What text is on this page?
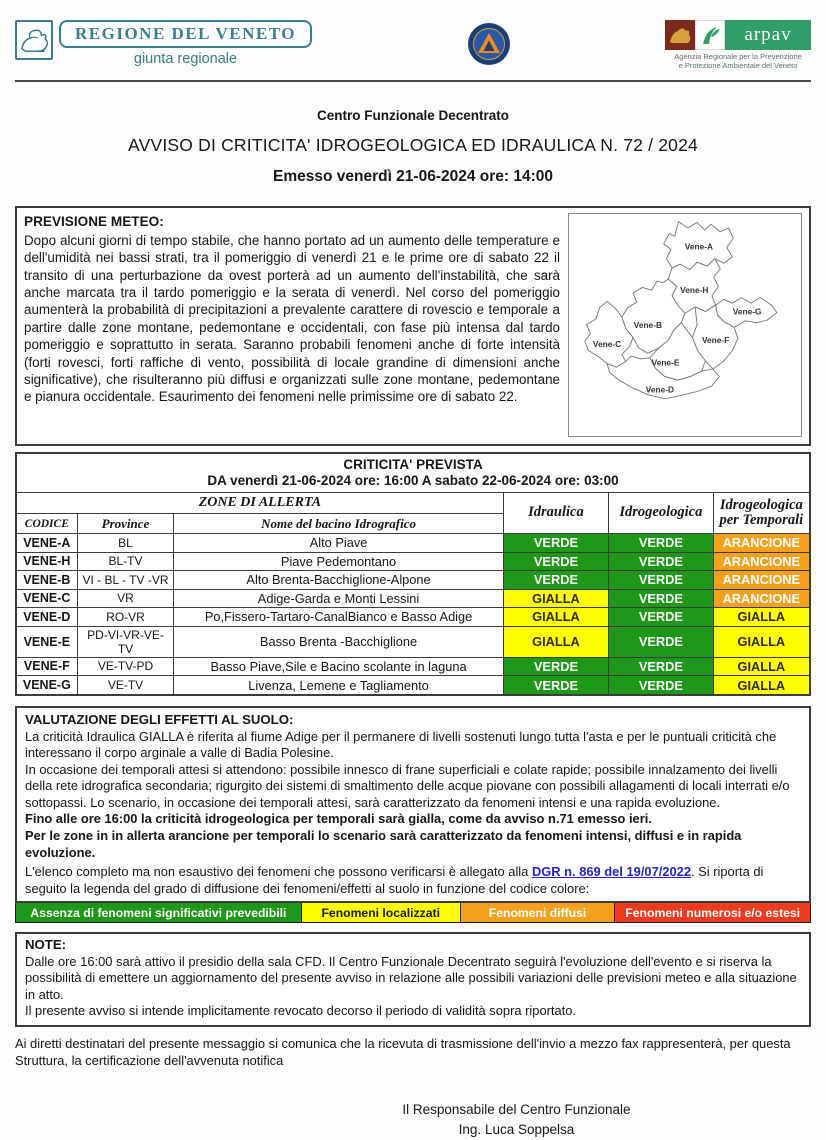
REGIONE DEL VENETO
giunta regionale
arpav
Agenzia Regionale per la Prevenzione
e Protezione Ambientale del Veneto
Centro Funzionale Decentrato
AVVISO DI CRITICITA' IDROGEOLOGICA ED IDRAULICA N. 72 / 2024
Emesso venerdì 21-06-2024 ore: 14:00
PREVISIONE METEO:
Dopo alcuni giorni di tempo stabile, che hanno portato ad un aumento delle temperature e dell'umidità nei bassi strati, tra il pomeriggio di venerdì 21 e le prime ore di sabato 22 il transito di una perturbazione da ovest porterà ad un aumento dell'instabilità, che sarà anche marcata tra il tardo pomeriggio e la serata di venerdì. Nel corso del pomeriggio aumenterà la probabilità di precipitazioni a prevalente carattere di rovescio e temporale a partire dalle zone montane, pedemontane e occidentali, con fase più intensa dal tardo pomeriggio e soprattutto in serata. Saranno probabili fenomeni anche di forte intensità (forti rovesci, forti raffiche di vento, possibilità di locale grandine di dimensioni anche significative), che risulteranno più diffusi e organizzati sulle zone montane, pedemontane e pianura occidentale. Esaurimento dei fenomeni nelle primissime ore di sabato 22.
Vene-A
Vene-H
Vene-G
Vene-B
Vene-C	Vene-F
Vene-E
Vene-D
CRITICITA' PREVISTA
DA venerdì 21-06-2024 ore: 16:00 A sabato 22-06-2024 ore: 03:00
ZONE DI ALLERTA			Idraulica	Idrogeologica	Idrogeologica per Temporali
CODICE	Province	Nome del bacino Idrografico			
VENE-A	BL	Alto Piave	VERDE	VERDE	ARANCIONE
VENE-H	BL-TV	Piave Pedemontano	VERDE	VERDE	ARANCIONE
VENE-B	VI - BL - TV -VR	Alto Brenta-Bacchiglione-Alpone	VERDE	VERDE	ARANCIONE
VENE-C	VR	Adige-Garda e Monti Lessini	GIALLA	VERDE	ARANCIONE
VENE-D	RO-VR	Po,Fissero-Tartaro-CanalBianco e Basso Adige	GIALLA	VERDE	GIALLA
VENE-E	PD-VI-VR-VE-TV	Basso Brenta -Bacchiglione	GIALLA	VERDE	GIALLA
VENE-F	VE-TV-PD	Basso Piave,Sile e Bacino scolante in laguna	VERDE	VERDE	GIALLA
VENE-G	VE-TV	Livenza, Lemene e Tagliamento	VERDE	VERDE	GIALLA
VALUTAZIONE DEGLI EFFETTI AL SUOLO:

La criticità Idraulica GIALLA è riferita al fiume Adige per il permanere di livelli sostenuti lungo tutta l'asta e per le puntuali criticità che interessano il corpo arginale a valle di Badia Polesine.

In occasione dei temporali attesi si attendono: possibile innesco di frane superficiali e colate rapide; possibile innalzamento dei livelli della rete idrografica secondaria; rigurgito dei sistemi di smaltimento delle acque piovane con possibili allagamenti di locali interrati e/o sottopassi. Lo scenario, in occasione dei temporali attesi, sarà caratterizzato da fenomeni intensi e una rapida evoluzione.

Fino alle ore 16:00 la criticità idrogeologica per temporali sarà gialla, come da avviso n.71 emesso ieri.

Per le zone in in allerta arancione per temporali lo scenario sarà caratterizzato da fenomeni intensi, diffusi e in rapida evoluzione.

L'elenco completo ma non esaustivo dei fenomeni che possono verificarsi è allegato alla DGR n. 869 del 19/07/2022. Si riporta di seguito la legenda del grado di diffusione dei fenomeni/effetti al suolo in funzione del codice colore:

Assenza di fenomeni significativi prevedibili	Fenomeni localizzati	Fenomeni diffusi	Fenomeni numerosi e/o estesi
NOTE:

Dalle ore 16:00 sarà attivo il presidio della sala CFD. Il Centro Funzionale Decentrato seguirà l'evoluzione dell'evento e si riserva la possibilità di emettere un aggiornamento del presente avviso in relazione alle possibili variazioni delle previsioni meteo e alla situazione in atto.

Il presente avviso si intende implicitamente revocato decorso il periodo di validità sopra riportato.

Ai diretti destinatari del presente messaggio si comunica che la ricevuta di trasmissione dell'invio a mezzo fax rappresenterà, per questa Struttura, la certificazione dell'avvenuta notifica

Il Responsabile del Centro Funzionale
Ing. Luca Soppelsa
